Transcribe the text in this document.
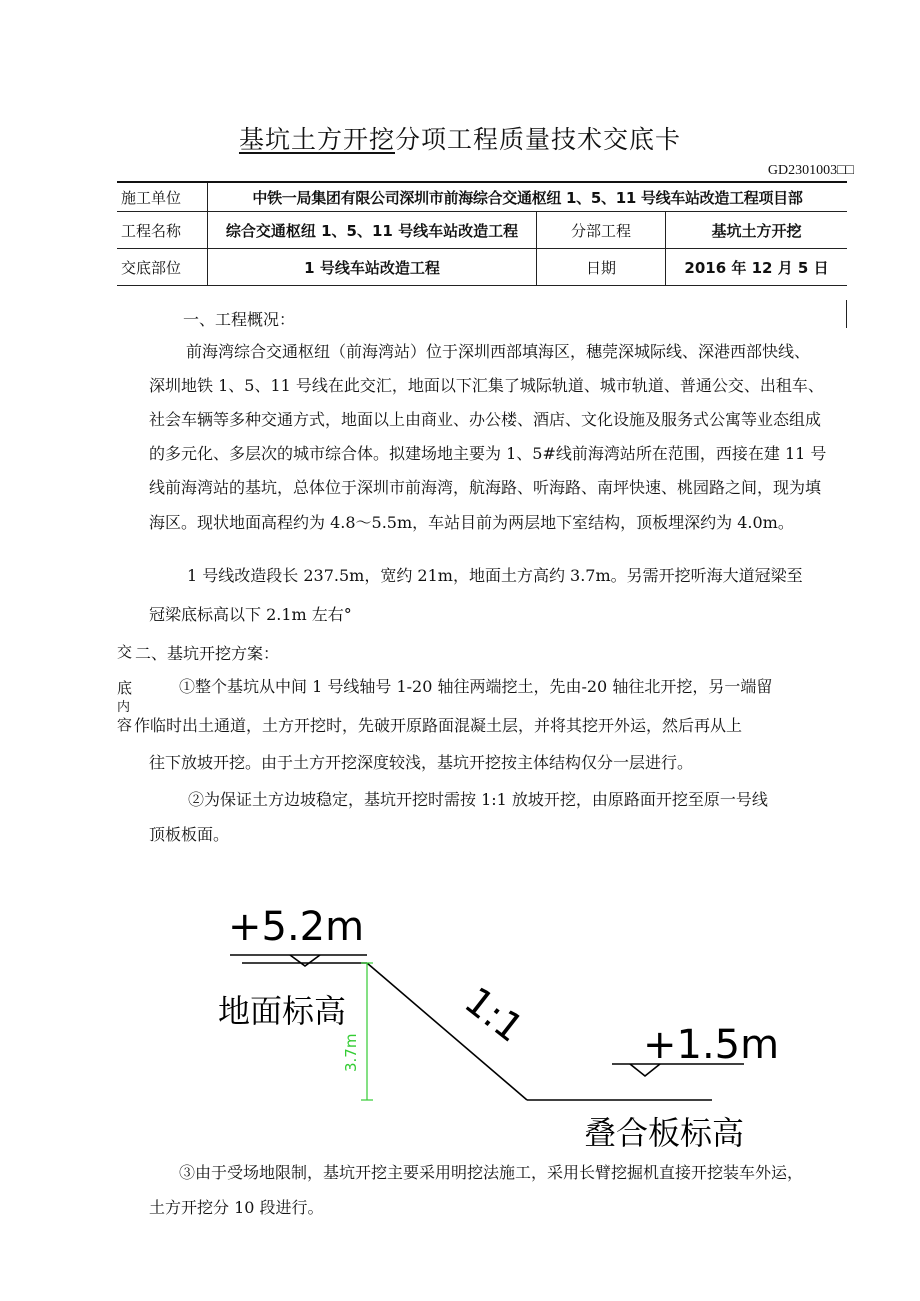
基坑土方开挖分项工程质量技术交底卡
GD2301003□□
施工单位	中铁一局集团有限公司深圳市前海综合交通枢纽 1、5、11 号线车站改造工程项目部		
工程名称	综合交通枢纽 1、5、11 号线车站改造工程	分部工程	基坑土方开挖
交底部位	1 号线车站改造工程	日期	2016 年 12 月 5 日
一、工程概况：
前海湾综合交通枢纽（前海湾站）位于深圳西部填海区，穗莞深城际线、深港西部快线、
深圳地铁 1、5、11 号线在此交汇，地面以下汇集了城际轨道、城市轨道、普通公交、出租车、
社会车辆等多种交通方式，地面以上由商业、办公楼、酒店、文化设施及服务式公寓等业态组成
的多元化、多层次的城市综合体。拟建场地主要为 1、5#线前海湾站所在范围，西接在建 11 号
线前海湾站的基坑，总体位于深圳市前海湾，航海路、听海路、南坪快速、桃园路之间，现为填
海区。现状地面高程约为 4.8～5.5m，车站目前为两层地下室结构，顶板埋深约为 4.0m。
1 号线改造段长 237.5m，宽约 21m，地面土方高约 3.7m。另需开挖听海大道冠梁至
冠梁底标高以下 2.1m 左右°
交
底
内
容
二、基坑开挖方案：
①整个基坑从中间 1 号线轴号 1-20 轴往两端挖土，先由-20 轴往北开挖，另一端留
作临时出土通道，土方开挖时，先破开原路面混凝土层，并将其挖开外运，然后再从上
往下放坡开挖。由于土方开挖深度较浅，基坑开挖按主体结构仅分一层进行。
②为保证土方边坡稳定，基坑开挖时需按 1:1 放坡开挖，由原路面开挖至原一号线
顶板板面。
+5.2m
地面标高
3.7m
1:1	+1.5m
叠合板标高
③由于受场地限制，基坑开挖主要采用明挖法施工，采用长臂挖掘机直接开挖装车外运，
土方开挖分 10 段进行。
